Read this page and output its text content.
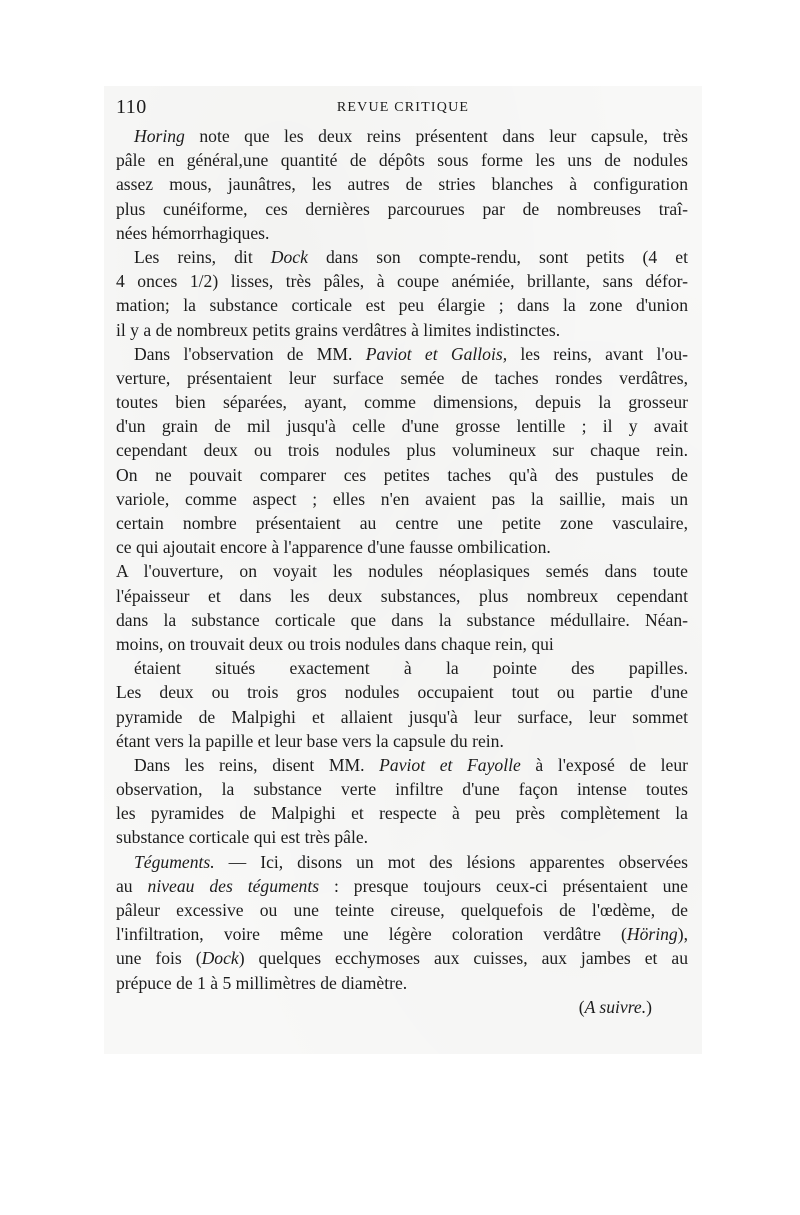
110	REVUE CRITIQUE
Horing note que les deux reins présentent dans leur capsule, très
pâle en général,une quantité de dépôts sous forme les uns de nodules
assez mous, jaunâtres, les autres de stries blanches à configuration
plus cunéiforme, ces dernières parcourues par de nombreuses traî-
nées hémorrhagiques.
Les reins, dit Dock dans son compte-rendu, sont petits (4 et
4 onces 1/2) lisses, très pâles, à coupe anémiée, brillante, sans défor-
mation; la substance corticale est peu élargie ; dans la zone d'union
il y a de nombreux petits grains verdâtres à limites indistinctes.
Dans l'observation de MM. Paviot et Gallois, les reins, avant l'ou-
verture, présentaient leur surface semée de taches rondes verdâtres,
toutes bien séparées, ayant, comme dimensions, depuis la grosseur
d'un grain de mil jusqu'à celle d'une grosse lentille ; il y avait
cependant deux ou trois nodules plus volumineux sur chaque rein.
On ne pouvait comparer ces petites taches qu'à des pustules de
variole, comme aspect ; elles n'en avaient pas la saillie, mais un
certain nombre présentaient au centre une petite zone vasculaire,
ce qui ajoutait encore à l'apparence d'une fausse ombilication.
A l'ouverture, on voyait les nodules néoplasiques semés dans toute
l'épaisseur et dans les deux substances, plus nombreux cependant
dans la substance corticale que dans la substance médullaire. Néan-
moins, on trouvait deux ou trois nodules dans chaque rein, qui
étaient situés exactement à la pointe des papilles.
Les deux ou trois gros nodules occupaient tout ou partie d'une
pyramide de Malpighi et allaient jusqu'à leur surface, leur sommet
étant vers la papille et leur base vers la capsule du rein.
Dans les reins, disent MM. Paviot et Fayolle à l'exposé de leur
observation, la substance verte infiltre d'une façon intense toutes
les pyramides de Malpighi et respecte à peu près complètement la
substance corticale qui est très pâle.
Téguments. — Ici, disons un mot des lésions apparentes observées
au niveau des téguments : presque toujours ceux-ci présentaient une
pâleur excessive ou une teinte cireuse, quelquefois de l'œdème, de
l'infiltration, voire même une légère coloration verdâtre (Höring),
une fois (Dock) quelques ecchymoses aux cuisses, aux jambes et au
prépuce de 1 à 5 millimètres de diamètre.
(A suivre.)
